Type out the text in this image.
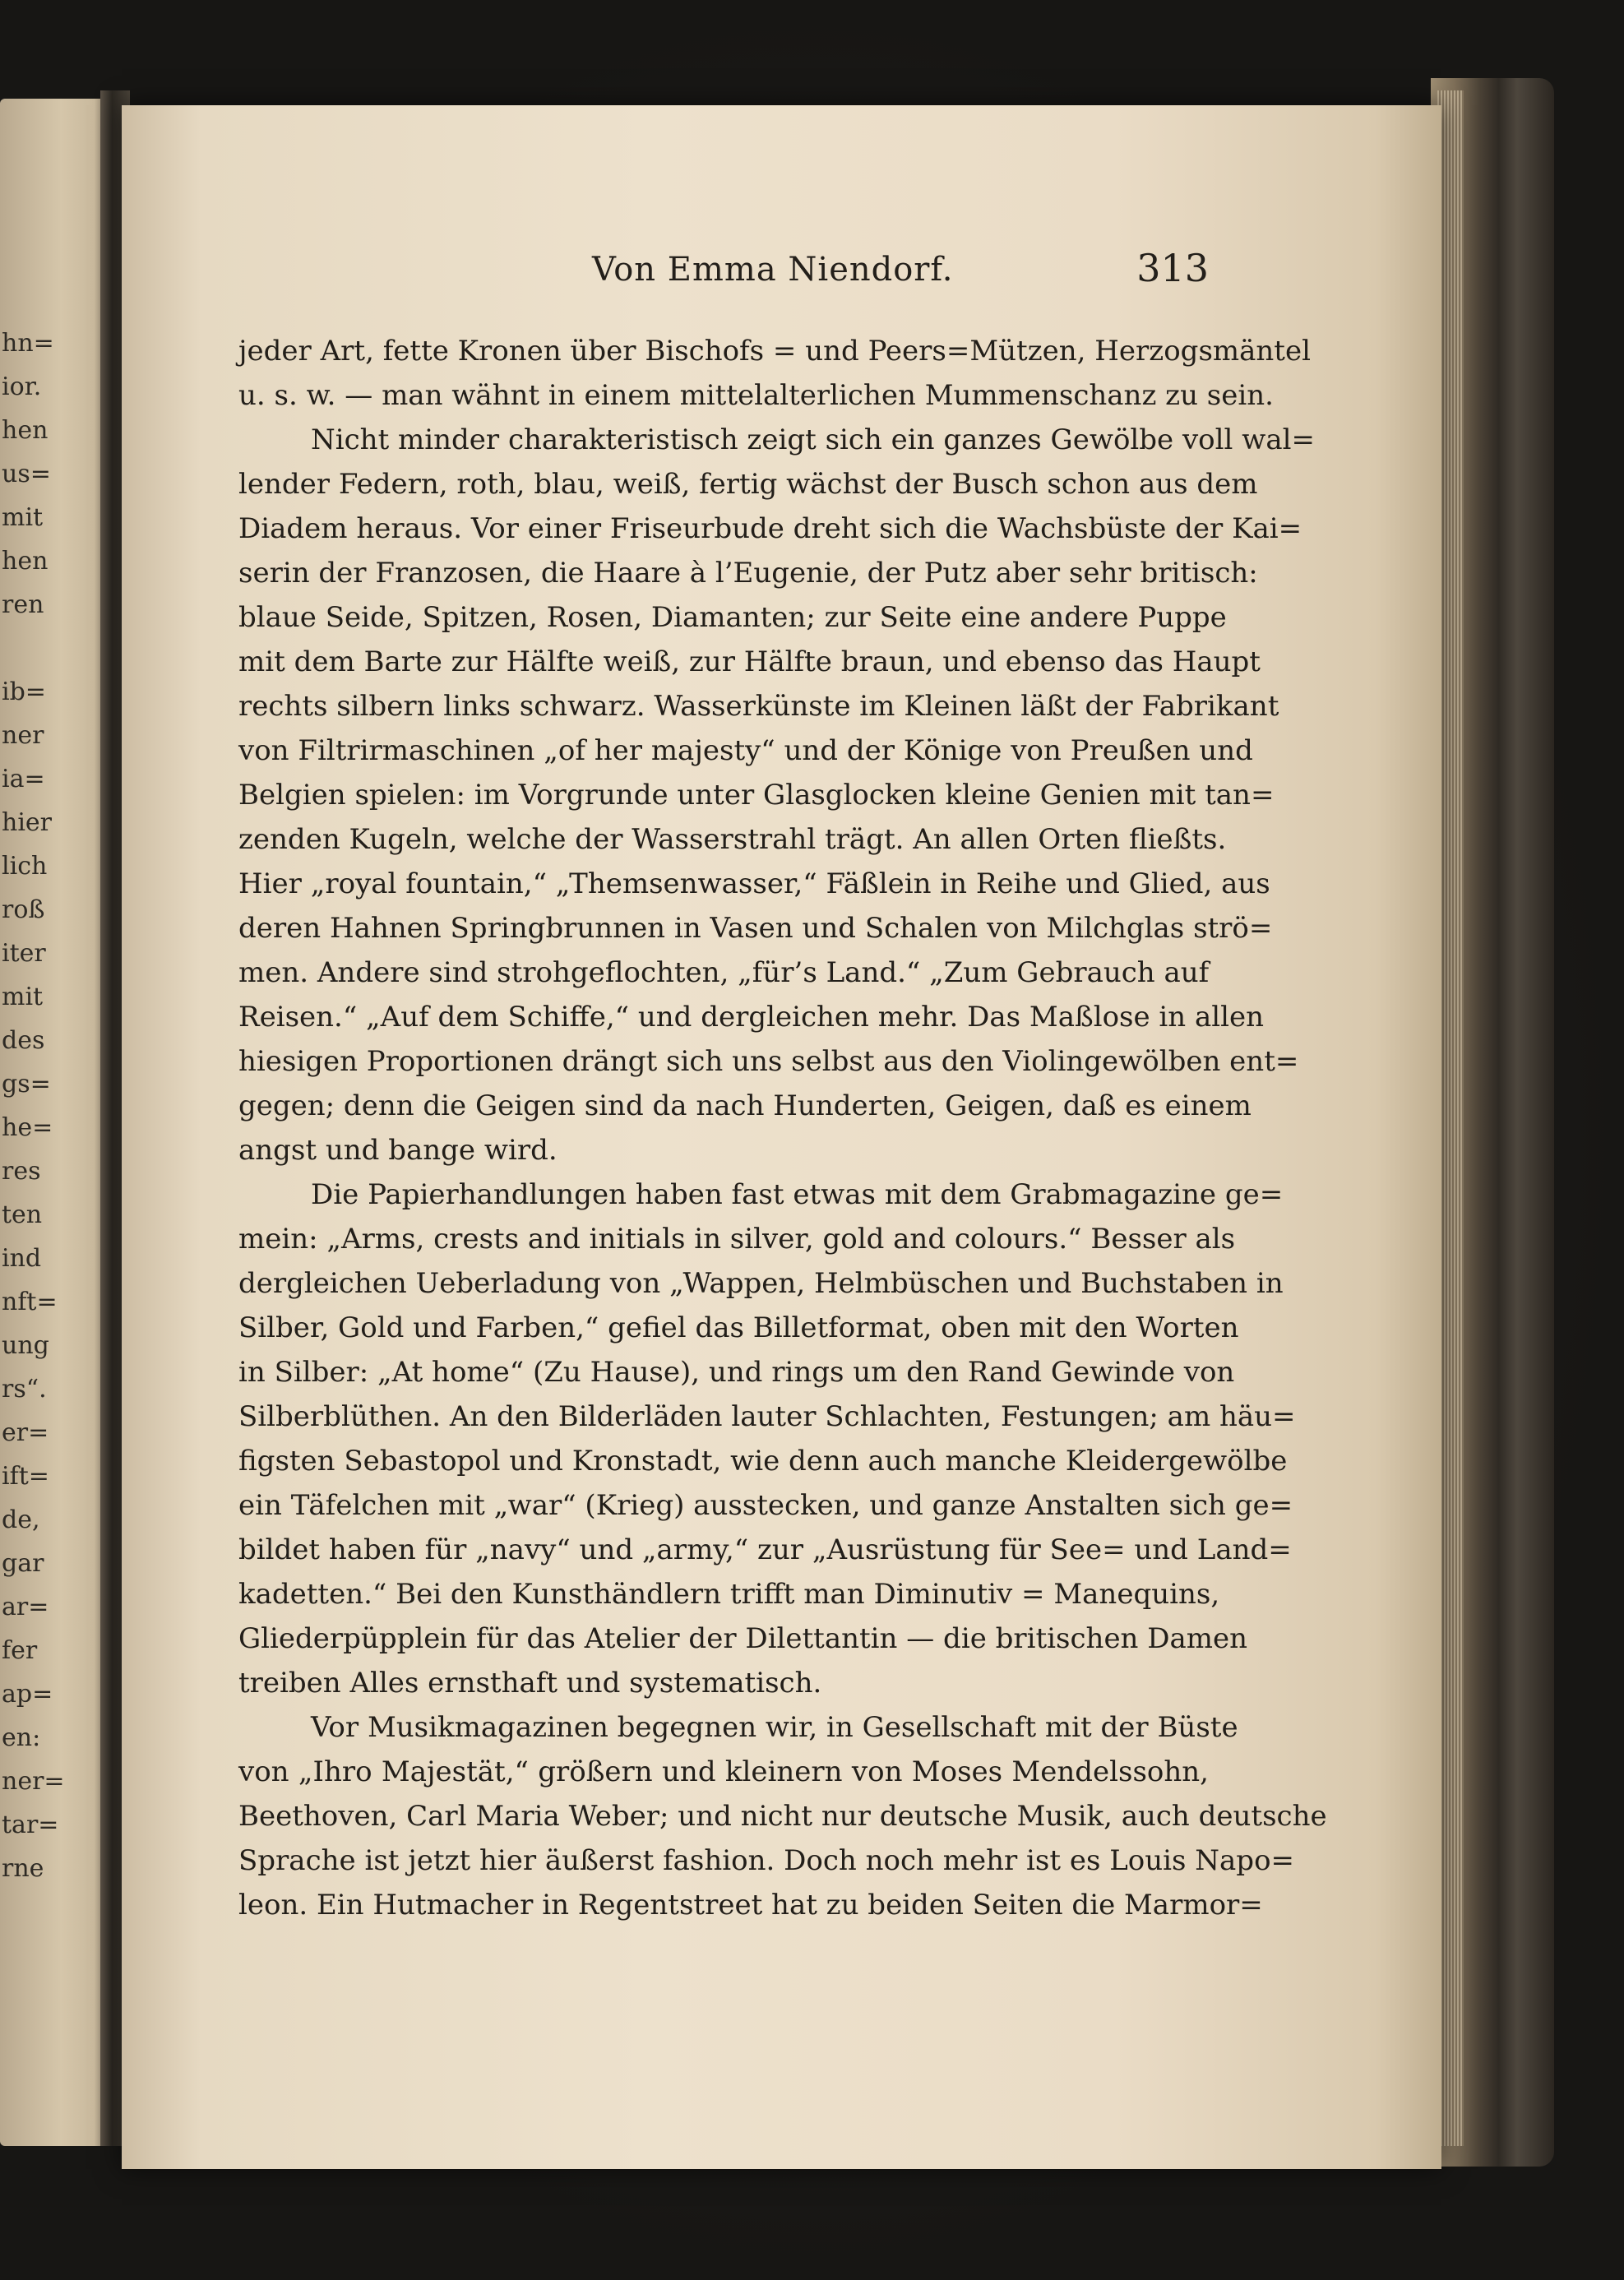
hn=
ior.
hen
us=
mit
hen
ren
ib=
ner
ia=
hier
lich
roß
iter
mit
des
gs=
he=
res
ten
ind
nft=
ung
rs“.
er=
ift=
de,
gar
ar=
fer
ap=
en:
ner=
tar=
rne
Von Emma Niendorf.	313
jeder Art, fette Kronen über Bischofs = und Peers=Mützen, Herzogsmäntel
u. s. w. — man wähnt in einem mittelalterlichen Mummenschanz zu sein.
Nicht minder charakteristisch zeigt sich ein ganzes Gewölbe voll wal=
lender Federn, roth, blau, weiß, fertig wächst der Busch schon aus dem
Diadem heraus. Vor einer Friseurbude dreht sich die Wachsbüste der Kai=
serin der Franzosen, die Haare à l’Eugenie, der Putz aber sehr britisch:
blaue Seide, Spitzen, Rosen, Diamanten; zur Seite eine andere Puppe
mit dem Barte zur Hälfte weiß, zur Hälfte braun, und ebenso das Haupt
rechts silbern links schwarz. Wasserkünste im Kleinen läßt der Fabrikant
von Filtrirmaschinen „of her majesty“ und der Könige von Preußen und
Belgien spielen: im Vorgrunde unter Glasglocken kleine Genien mit tan=
zenden Kugeln, welche der Wasserstrahl trägt. An allen Orten fließts.
Hier „royal fountain,“ „Themsenwasser,“ Fäßlein in Reihe und Glied, aus
deren Hahnen Springbrunnen in Vasen und Schalen von Milchglas strö=
men. Andere sind strohgeflochten, „für’s Land.“ „Zum Gebrauch auf
Reisen.“ „Auf dem Schiffe,“ und dergleichen mehr. Das Maßlose in allen
hiesigen Proportionen drängt sich uns selbst aus den Violingewölben ent=
gegen; denn die Geigen sind da nach Hunderten, Geigen, daß es einem
angst und bange wird.
Die Papierhandlungen haben fast etwas mit dem Grabmagazine ge=
mein: „Arms, crests and initials in silver, gold and colours.“ Besser als
dergleichen Ueberladung von „Wappen, Helmbüschen und Buchstaben in
Silber, Gold und Farben,“ gefiel das Billetformat, oben mit den Worten
in Silber: „At home“ (Zu Hause), und rings um den Rand Gewinde von
Silberblüthen. An den Bilderläden lauter Schlachten, Festungen; am häu=
figsten Sebastopol und Kronstadt, wie denn auch manche Kleidergewölbe
ein Täfelchen mit „war“ (Krieg) ausstecken, und ganze Anstalten sich ge=
bildet haben für „navy“ und „army,“ zur „Ausrüstung für See= und Land=
kadetten.“ Bei den Kunsthändlern trifft man Diminutiv = Manequins,
Gliederpüpplein für das Atelier der Dilettantin — die britischen Damen
treiben Alles ernsthaft und systematisch.
Vor Musikmagazinen begegnen wir, in Gesellschaft mit der Büste
von „Ihro Majestät,“ größern und kleinern von Moses Mendelssohn,
Beethoven, Carl Maria Weber; und nicht nur deutsche Musik, auch deutsche
Sprache ist jetzt hier äußerst fashion. Doch noch mehr ist es Louis Napo=
leon. Ein Hutmacher in Regentstreet hat zu beiden Seiten die Marmor=
